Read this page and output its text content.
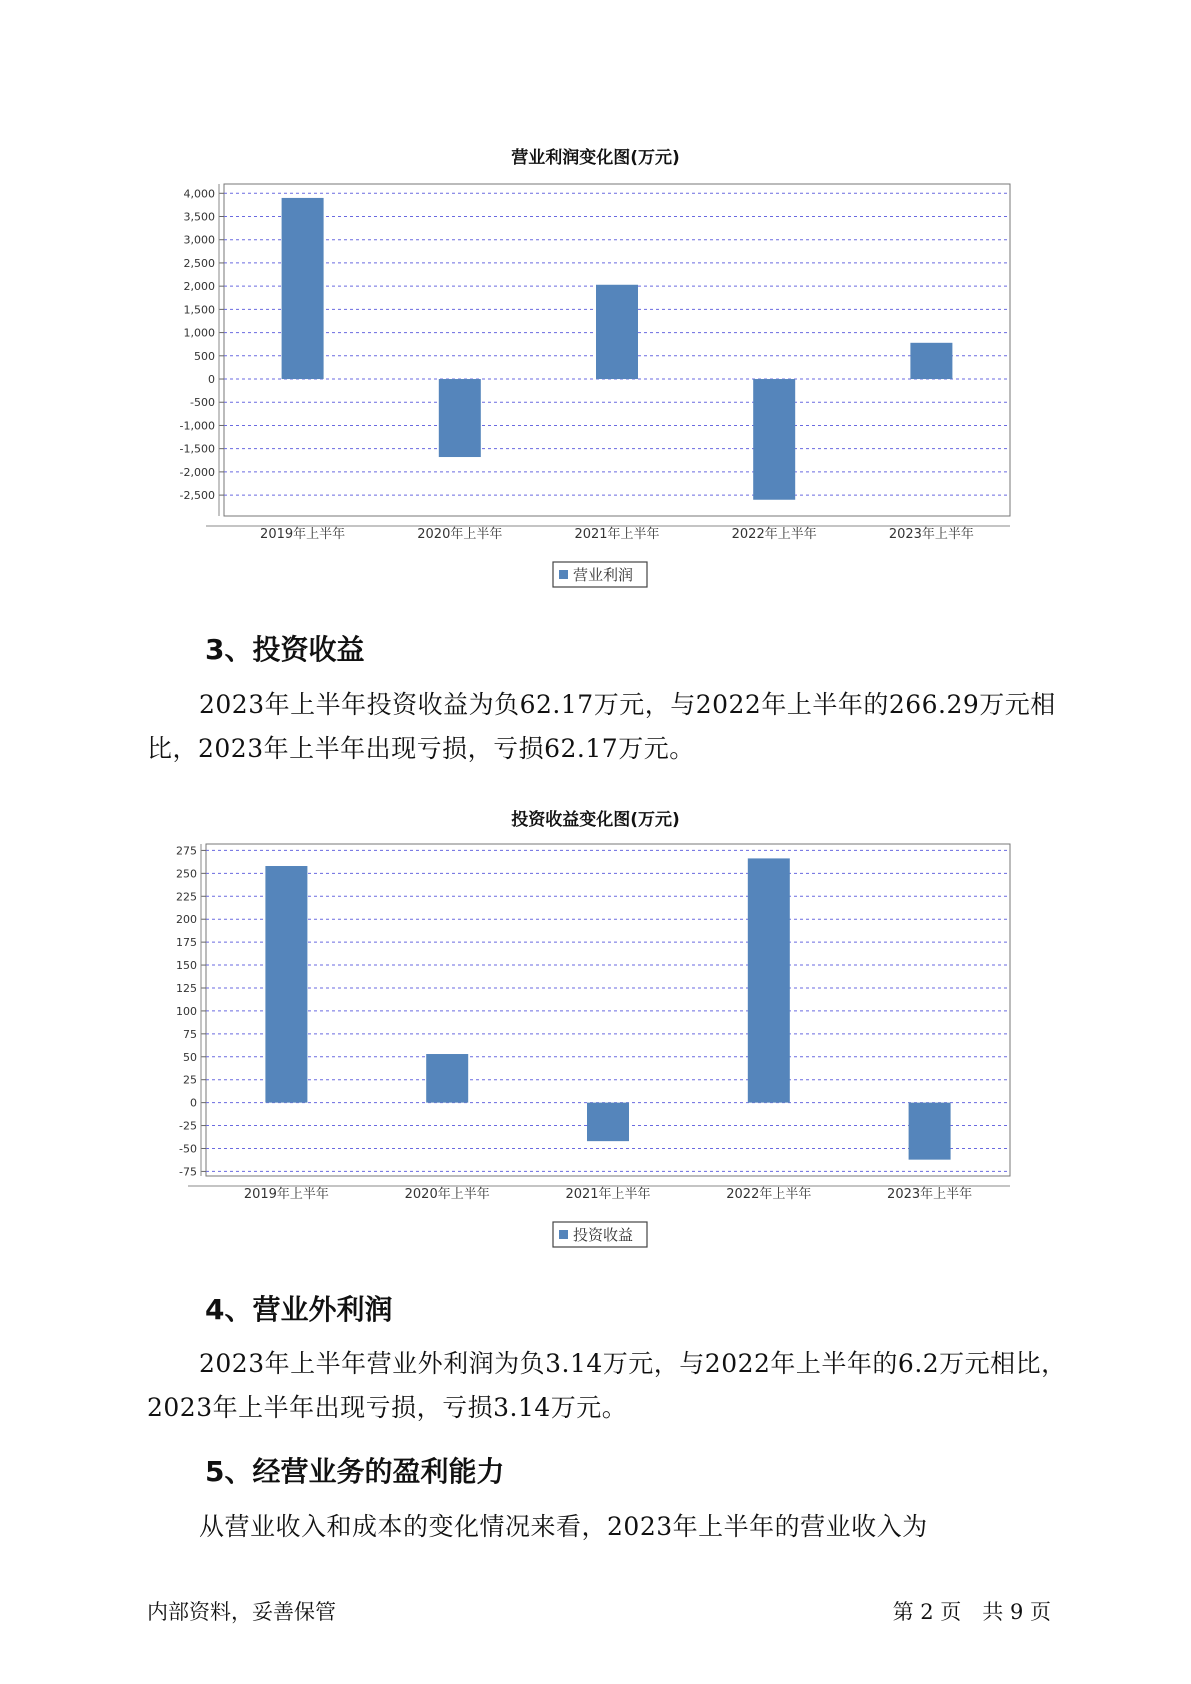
营业利润变化图(万元)
4,000
3,500
3,000
2,500
2,000
1,500
1,000
500
0
-500
-1,000
-1,500
-2,000
-2,500
2019年上半年	2020年上半年	2021年上半年	2022年上半年	2023年上半年
营业利润
3、投资收益

2023年上半年投资收益为负62.17万元，与2022年上半年的266.29万元相比，2023年上半年出现亏损，亏损62.17万元。

投资收益变化图(万元)
275
250
225
200
175
150
125
100
75
50
25
0
-25
-50
-75
2019年上半年	2020年上半年	2021年上半年	2022年上半年	2023年上半年
投资收益
4、营业外利润

2023年上半年营业外利润为负3.14万元，与2022年上半年的6.2万元相比，2023年上半年出现亏损，亏损3.14万元。

5、经营业务的盈利能力

从营业收入和成本的变化情况来看，2023年上半年的营业收入为

内部资料，妥善保管	第 2 页　共 9 页
